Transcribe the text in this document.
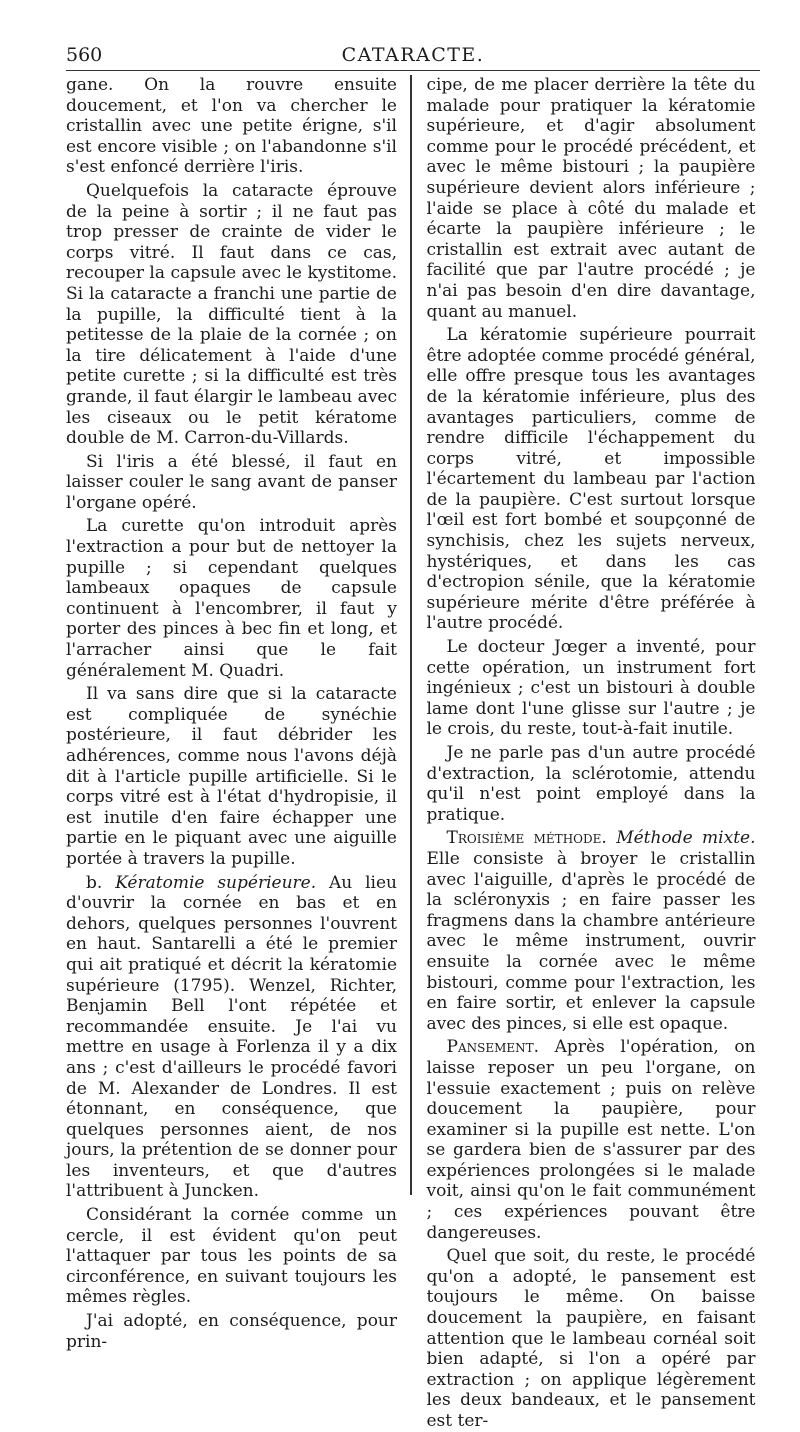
560	CATARACTE.

gane. On la rouvre ensuite doucement, et l'on va chercher le cristallin avec une petite érigne, s'il est encore visible ; on l'abandonne s'il s'est enfoncé derrière l'iris.

Quelquefois la cataracte éprouve de la peine à sortir ; il ne faut pas trop presser de crainte de vider le corps vitré. Il faut dans ce cas, recouper la capsule avec le kystitome. Si la cataracte a franchi une partie de la pupille, la difficulté tient à la petitesse de la plaie de la cornée ; on la tire délicatement à l'aide d'une petite curette ; si la difficulté est très grande, il faut élargir le lambeau avec les ciseaux ou le petit kératome double de M. Carron-du-Villards.

Si l'iris a été blessé, il faut en laisser couler le sang avant de panser l'organe opéré.

La curette qu'on introduit après l'extraction a pour but de nettoyer la pupille ; si cependant quelques lambeaux opaques de capsule continuent à l'encombrer, il faut y porter des pinces à bec fin et long, et l'arracher ainsi que le fait généralement M. Quadri.

Il va sans dire que si la cataracte est compliquée de synéchie postérieure, il faut débrider les adhérences, comme nous l'avons déjà dit à l'article pupille artificielle. Si le corps vitré est à l'état d'hydropisie, il est inutile d'en faire échapper une partie en le piquant avec une aiguille portée à travers la pupille.

b. Kératomie supérieure. Au lieu d'ouvrir la cornée en bas et en dehors, quelques personnes l'ouvrent en haut. Santarelli a été le premier qui ait pratiqué et décrit la kératomie supérieure (1795). Wenzel, Richter, Benjamin Bell l'ont répétée et recommandée ensuite. Je l'ai vu mettre en usage à Forlenza il y a dix ans ; c'est d'ailleurs le procédé favori de M. Alexander de Londres. Il est étonnant, en conséquence, que quelques personnes aient, de nos jours, la prétention de se donner pour les inventeurs, et que d'autres l'attribuent à Juncken.

Considérant la cornée comme un cercle, il est évident qu'on peut l'attaquer par tous les points de sa circonférence, en suivant toujours les mêmes règles.

J'ai adopté, en conséquence, pour prin-

cipe, de me placer derrière la tête du malade pour pratiquer la kératomie supérieure, et d'agir absolument comme pour le procédé précédent, et avec le même bistouri ; la paupière supérieure devient alors inférieure ; l'aide se place à côté du malade et écarte la paupière inférieure ; le cristallin est extrait avec autant de facilité que par l'autre procédé ; je n'ai pas besoin d'en dire davantage, quant au manuel.

La kératomie supérieure pourrait être adoptée comme procédé général, elle offre presque tous les avantages de la kératomie inférieure, plus des avantages particuliers, comme de rendre difficile l'échappement du corps vitré, et impossible l'écartement du lambeau par l'action de la paupière. C'est surtout lorsque l'œil est fort bombé et soupçonné de synchisis, chez les sujets nerveux, hystériques, et dans les cas d'ectropion sénile, que la kératomie supérieure mérite d'être préférée à l'autre procédé.

Le docteur Jœger a inventé, pour cette opération, un instrument fort ingénieux ; c'est un bistouri à double lame dont l'une glisse sur l'autre ; je le crois, du reste, tout-à-fait inutile.

Je ne parle pas d'un autre procédé d'extraction, la sclérotomie, attendu qu'il n'est point employé dans la pratique.

Troisième méthode. Méthode mixte. Elle consiste à broyer le cristallin avec l'aiguille, d'après le procédé de la scléronyxis ; en faire passer les fragmens dans la chambre antérieure avec le même instrument, ouvrir ensuite la cornée avec le même bistouri, comme pour l'extraction, les en faire sortir, et enlever la capsule avec des pinces, si elle est opaque.

Pansement. Après l'opération, on laisse reposer un peu l'organe, on l'essuie exactement ; puis on relève doucement la paupière, pour examiner si la pupille est nette. L'on se gardera bien de s'assurer par des expériences prolongées si le malade voit, ainsi qu'on le fait communément ; ces expériences pouvant être dangereuses.

Quel que soit, du reste, le procédé qu'on a adopté, le pansement est toujours le même. On baisse doucement la paupière, en faisant attention que le lambeau cornéal soit bien adapté, si l'on a opéré par extraction ; on applique légèrement les deux bandeaux, et le pansement est ter-
